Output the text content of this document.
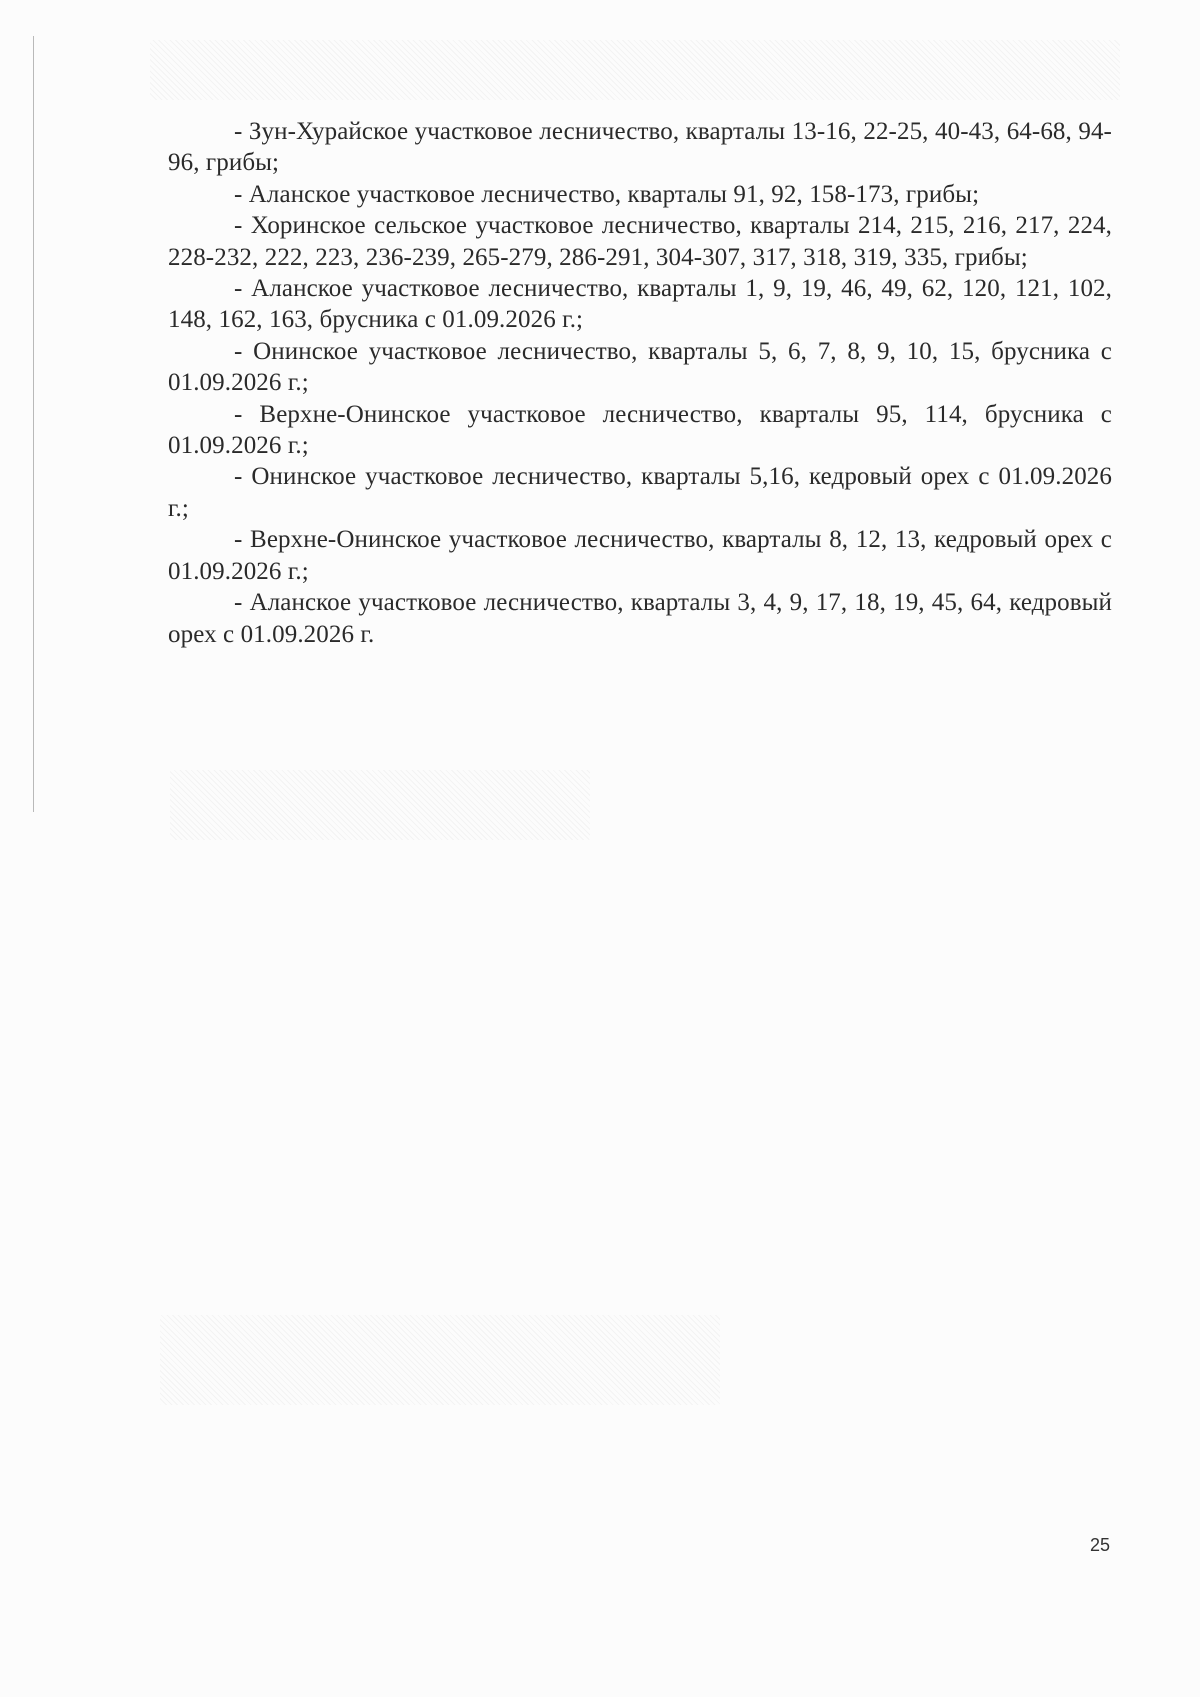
- Зун-Хурайское участковое лесничество, кварталы 13-16, 22-25, 40-43, 64-68, 94-96, грибы;

- Аланское участковое лесничество, кварталы 91, 92, 158-173, грибы;

- Хоринское сельское участковое лесничество, кварталы 214, 215, 216, 217, 224, 228-232, 222, 223, 236-239, 265-279, 286-291, 304-307, 317, 318, 319, 335, грибы;

- Аланское участковое лесничество, кварталы 1, 9, 19, 46, 49, 62, 120, 121, 102, 148, 162, 163, брусника с 01.09.2026 г.;

- Онинское участковое лесничество, кварталы 5, 6, 7, 8, 9, 10, 15, брусника с 01.09.2026 г.;

- Верхне-Онинское участковое лесничество, кварталы 95, 114, брусника с 01.09.2026 г.;

- Онинское участковое лесничество, кварталы 5,16, кедровый орех с 01.09.2026 г.;

- Верхне-Онинское участковое лесничество, кварталы 8, 12, 13, кедровый орех с 01.09.2026 г.;

- Аланское участковое лесничество, кварталы 3, 4, 9, 17, 18, 19, 45, 64, кедровый орех с 01.09.2026 г.

25
